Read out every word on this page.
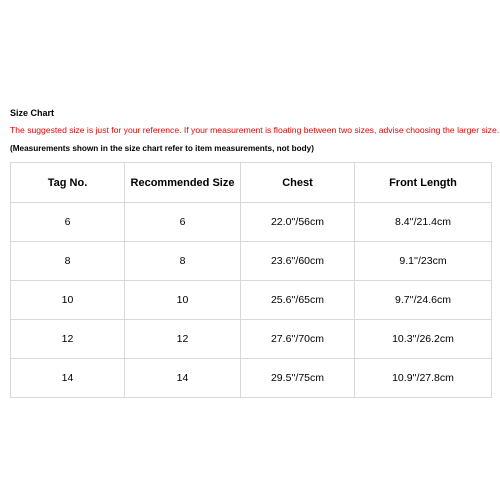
Size Chart
The suggested size is just for your reference. If your measurement is floating between two sizes, advise choosing the larger size.
(Measurements shown in the size chart refer to item measurements, not body)
Tag No.	Recommended Size	Chest	Front Length
6	6	22.0''/56cm	8.4''/21.4cm
8	8	23.6''/60cm	9.1''/23cm
10	10	25.6''/65cm	9.7''/24.6cm
12	12	27.6''/70cm	10.3''/26.2cm
14	14	29.5''/75cm	10.9''/27.8cm
